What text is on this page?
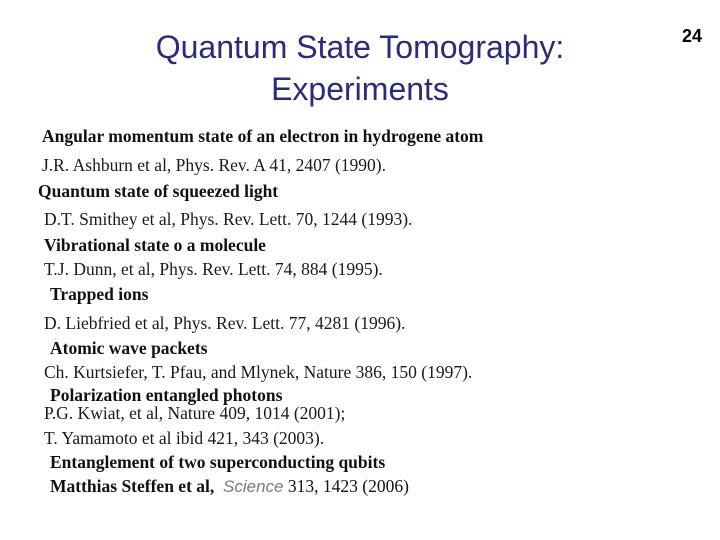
Quantum State Tomography:
Experiments
24
Angular momentum state of an electron in hydrogene atom
J.R. Ashburn et al, Phys. Rev. A 41, 2407 (1990).
Quantum state of squeezed light
D.T. Smithey et al, Phys. Rev. Lett. 70, 1244 (1993).
Vibrational state o a molecule
T.J. Dunn, et al, Phys. Rev. Lett. 74, 884 (1995).
Trapped ions
D. Liebfried et al, Phys. Rev. Lett. 77, 4281 (1996).
Atomic wave packets
Ch. Kurtsiefer, T. Pfau, and Mlynek, Nature 386, 150 (1997).
Polarization entangled photons
P.G. Kwiat, et al, Nature 409, 1014 (2001);
T. Yamamoto et al ibid 421, 343 (2003).
Entanglement of two superconducting qubits
Matthias Steffen et al, Science 313, 1423 (2006)
